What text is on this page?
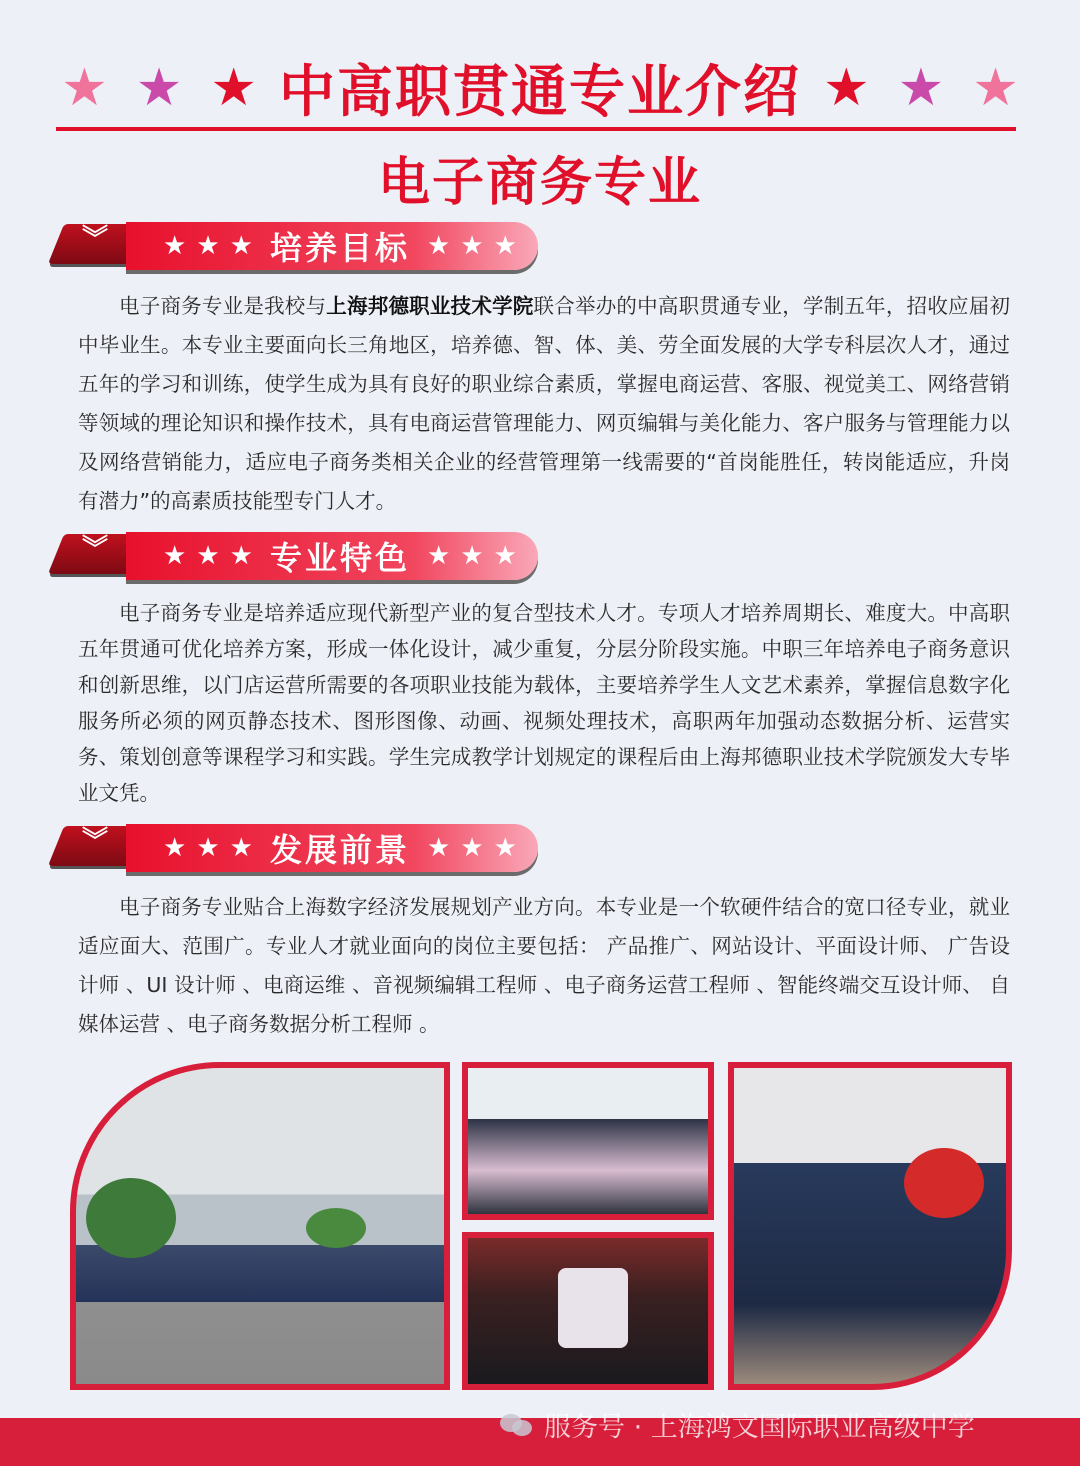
★ ★ ★ 中高职贯通专业介绍 ★ ★ ★
电子商务专业
︾ ★ ★ ★ 培养目标 ★ ★ ★
电子商务专业是我校与上海邦德职业技术学院联合举办的中高职贯通专业，学制五年，招收应届初中毕业生。本专业主要面向长三角地区，培养德、智、体、美、劳全面发展的大学专科层次人才，通过五年的学习和训练，使学生成为具有良好的职业综合素质，掌握电商运营、客服、视觉美工、网络营销等领域的理论知识和操作技术，具有电商运营管理能力、网页编辑与美化能力、客户服务与管理能力以及网络营销能力，适应电子商务类相关企业的经营管理第一线需要的“首岗能胜任，转岗能适应，升岗有潜力”的高素质技能型专门人才。
︾ ★ ★ ★ 专业特色 ★ ★ ★
电子商务专业是培养适应现代新型产业的复合型技术人才。专项人才培养周期长、难度大。中高职五年贯通可优化培养方案，形成一体化设计，减少重复，分层分阶段实施。中职三年培养电子商务意识和创新思维，以门店运营所需要的各项职业技能为载体，主要培养学生人文艺术素养，掌握信息数字化服务所必须的网页静态技术、图形图像、动画、视频处理技术，高职两年加强动态数据分析、运营实务、策划创意等课程学习和实践。学生完成教学计划规定的课程后由上海邦德职业技术学院颁发大专毕业文凭。
︾ ★ ★ ★ 发展前景 ★ ★ ★
电子商务专业贴合上海数字经济发展规划产业方向。本专业是一个软硬件结合的宽口径专业，就业适应面大、范围广。专业人才就业面向的岗位主要包括： 产品推广、网站设计、平面设计师、 广告设计师 、UI 设计师 、电商运维 、音视频编辑工程师 、电子商务运营工程师 、智能终端交互设计师、 自媒体运营 、电子商务数据分析工程师 。
公众号
服务号 · 上海鸿文国际职业高级中学
